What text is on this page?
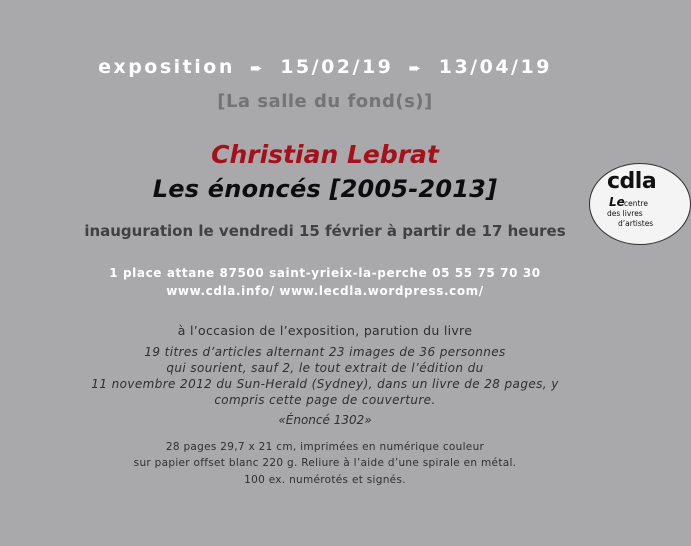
exposition ➨ 15/02/19 ➨ 13/04/19
[La salle du fond(s)]
Christian Lebrat
Les énoncés [2005-2013]
inauguration le vendredi 15 février à partir de 17 heures
1 place attane 87500 saint-yrieix-la-perche 05 55 75 70 30
www.cdla.info/ www.lecdla.wordpress.com/
à l’occasion de l’exposition, parution du livre
19 titres d’articles alternant 23 images de 36 personnes
qui sourient, sauf 2, le tout extrait de l’édition du
11 novembre 2012 du Sun-Herald (Sydney), dans un livre de 28 pages, y
compris cette page de couverture.
«Énoncé 1302»
28 pages 29,7 x 21 cm, imprimées en numérique couleur
sur papier offset blanc 220 g. Reliure à l’aide d’une spirale en métal.
100 ex. numérotés et signés.
cdla
Le centre
des livres
d’artistes
